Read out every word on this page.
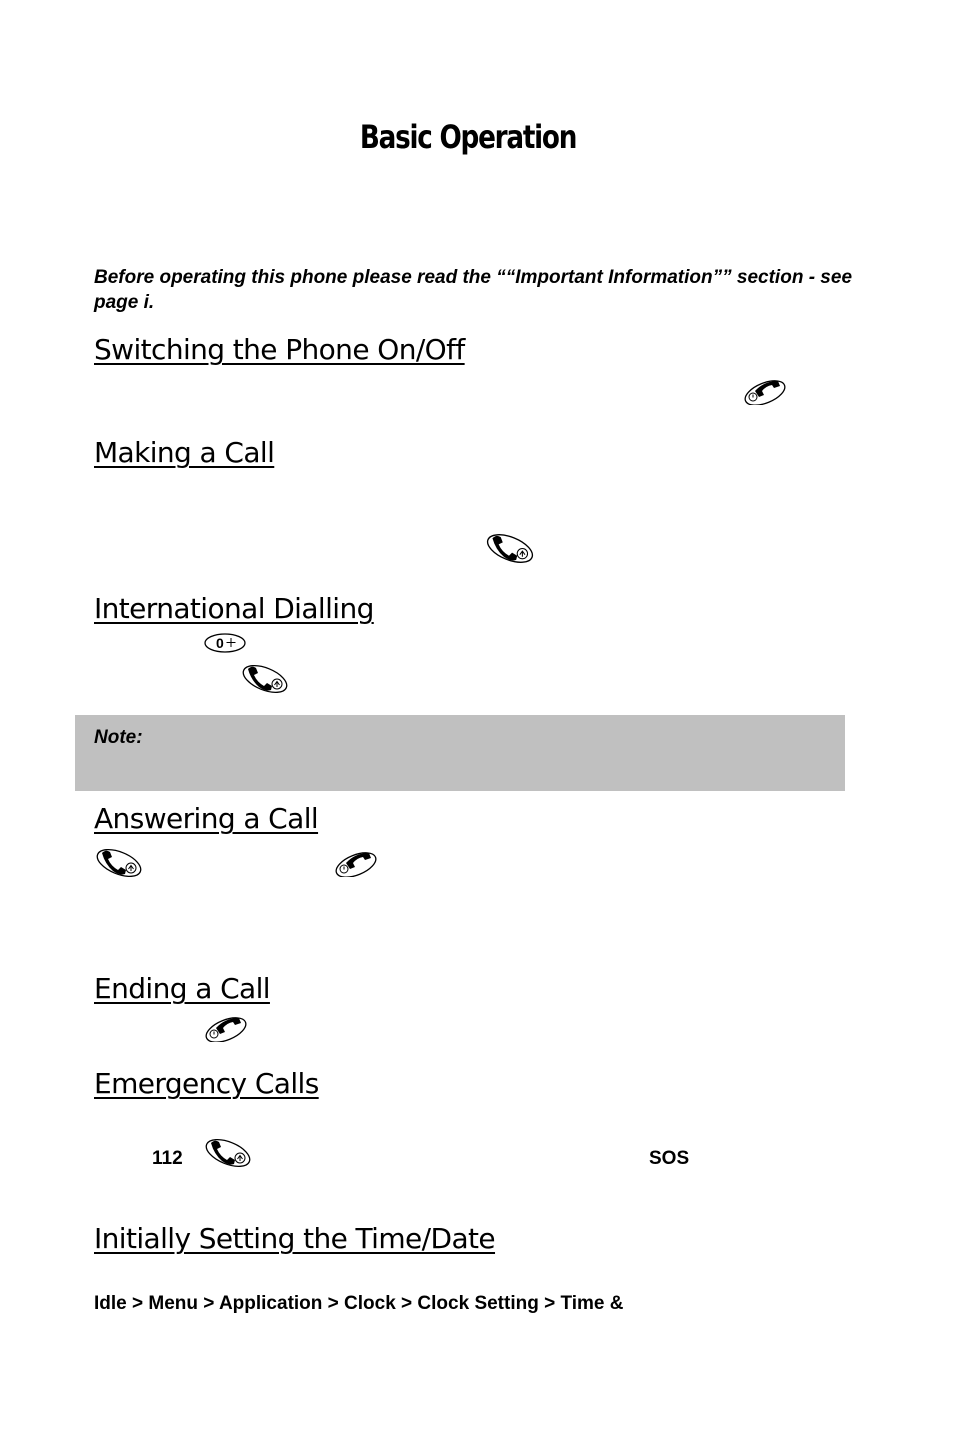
Basic Operation
Before operating this phone please read the ““Important Information”” section - see page i.
Switching the Phone On/Off
Making a Call
International Dialling
Note:
Answering a Call
Ending a Call
Emergency Calls
112	SOS
Initially Setting the Time/Date
Idle > Menu > Application > Clock > Clock Setting > Time &
